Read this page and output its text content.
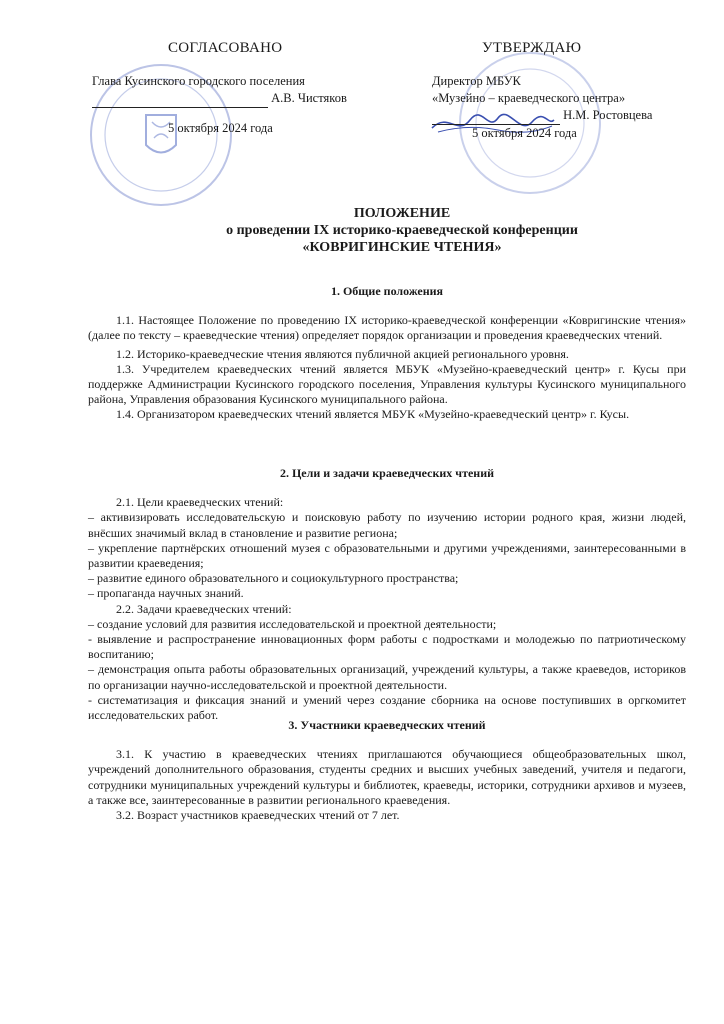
СОГЛАСОВАНО
Глава Кусинского городского поселения
А.В. Чистяков
5 октября 2024 года
УТВЕРЖДАЮ
Директор МБУК
«Музейно – краеведческого центра»
Н.М. Ростовцева
5 октября 2024 года
ПОЛОЖЕНИЕ
о проведении IX историко-краеведческой конференции
«КОВРИГИНСКИЕ ЧТЕНИЯ»
1. Общие положения

1.1. Настоящее Положение по проведению IX историко-краеведческой конференции «Ковригинские чтения» (далее по тексту – краеведческие чтения) определяет порядок организации и проведения краеведческих чтений.

1.2. Историко-краеведческие чтения являются публичной акцией регионального уровня.

1.3. Учредителем краеведческих чтений является МБУК «Музейно-краеведческий центр» г. Кусы при поддержке Администрации Кусинского городского поселения, Управления культуры Кусинского муниципального района, Управления образования Кусинского муниципального района.

1.4. Организатором краеведческих чтений является МБУК «Музейно-краеведческий центр» г. Кусы.

2. Цели и задачи краеведческих чтений

2.1. Цели краеведческих чтений:

– активизировать исследовательскую и поисковую работу по изучению истории родного края, жизни людей, внёсших значимый вклад в становление и развитие региона;

– укрепление партнёрских отношений музея с образовательными и другими учреждениями, заинтересованными в развитии краеведения;

– развитие единого образовательного и социокультурного пространства;

– пропаганда научных знаний.

2.2. Задачи краеведческих чтений:

– создание условий для развития исследовательской и проектной деятельности;

- выявление и распространение инновационных форм работы с подростками и молодежью по патриотическому воспитанию;

– демонстрация опыта работы образовательных организаций, учреждений культуры, а также краеведов, историков по организации научно-исследовательской и проектной деятельности.

- систематизация и фиксация знаний и умений через создание сборника на основе поступивших в оргкомитет исследовательских работ.

3. Участники краеведческих чтений

3.1. К участию в краеведческих чтениях приглашаются обучающиеся общеобразовательных школ, учреждений дополнительного образования, студенты средних и высших учебных заведений, учителя и педагоги, сотрудники муниципальных учреждений культуры и библиотек, краеведы, историки, сотрудники архивов и музеев, а также все, заинтересованные в развитии регионального краеведения.

3.2. Возраст участников краеведческих чтений от 7 лет.
